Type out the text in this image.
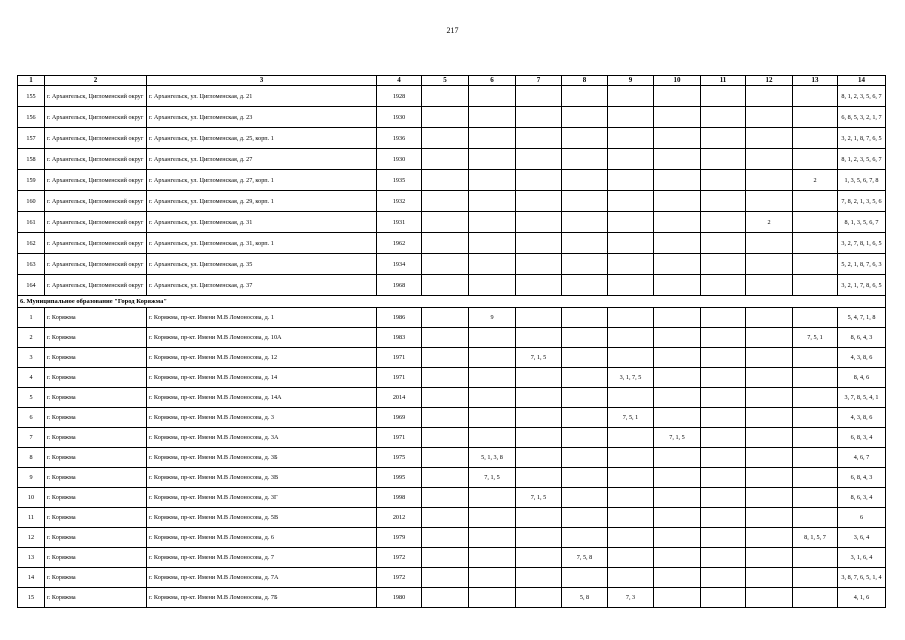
217
1	2	3	4	5	6	7	8	9	10	11	12	13	14
155	г. Архангельск, Цигломенский округ	г. Архангельск, ул. Цигломенская, д. 21	1928										8, 1, 2, 3, 5, 6, 7
156	г. Архангельск, Цигломенский округ	г. Архангельск, ул. Цигломенская, д. 23	1930										6, 8, 5, 3, 2, 1, 7
157	г. Архангельск, Цигломенский округ	г. Архангельск, ул. Цигломенская, д. 25, корп. 1	1936										3, 2, 1, 8, 7, 6, 5
158	г. Архангельск, Цигломенский округ	г. Архангельск, ул. Цигломенская, д. 27	1930										8, 1, 2, 3, 5, 6, 7
159	г. Архангельск, Цигломенский округ	г. Архангельск, ул. Цигломенская, д. 27, корп. 1	1935									2	1, 3, 5, 6, 7, 8
160	г. Архангельск, Цигломенский округ	г. Архангельск, ул. Цигломенская, д. 29, корп. 1	1932										7, 8, 2, 1, 3, 5, 6
161	г. Архангельск, Цигломенский округ	г. Архангельск, ул. Цигломенская, д. 31	1931								2		8, 1, 3, 5, 6, 7
162	г. Архангельск, Цигломенский округ	г. Архангельск, ул. Цигломенская, д. 31, корп. 1	1962										3, 2, 7, 8, 1, 6, 5
163	г. Архангельск, Цигломенский округ	г. Архангельск, ул. Цигломенская, д. 35	1934										5, 2, 1, 8, 7, 6, 3
164	г. Архангельск, Цигломенский округ	г. Архангельск, ул. Цигломенская, д. 37	1968										3, 2, 1, 7, 8, 6, 5
6. Муниципальное образование "Город Коряжма"													
1	г. Коряжма	г. Коряжма, пр-кт. Имени М.В Ломоносова, д. 1	1986		9								5, 4, 7, 1, 8
2	г. Коряжма	г. Коряжма, пр-кт. Имени М.В Ломоносова, д. 10А	1983									7, 5, 1	8, 6, 4, 3
3	г. Коряжма	г. Коряжма, пр-кт. Имени М.В Ломоносова, д. 12	1971			7, 1, 5							4, 3, 8, 6
4	г. Коряжма	г. Коряжма, пр-кт. Имени М.В Ломоносова, д. 14	1971					3, 1, 7, 5					8, 4, 6
5	г. Коряжма	г. Коряжма, пр-кт. Имени М.В Ломоносова, д. 14А	2014										3, 7, 8, 5, 4, 1
6	г. Коряжма	г. Коряжма, пр-кт. Имени М.В Ломоносова, д. 3	1969					7, 5, 1					4, 3, 8, 6
7	г. Коряжма	г. Коряжма, пр-кт. Имени М.В Ломоносова, д. 3А	1971						7, 1, 5				6, 8, 3, 4
8	г. Коряжма	г. Коряжма, пр-кт. Имени М.В Ломоносова, д. 3Б	1975		5, 1, 3, 8								4, 6, 7
9	г. Коряжма	г. Коряжма, пр-кт. Имени М.В Ломоносова, д. 3В	1995		7, 1, 5								6, 8, 4, 3
10	г. Коряжма	г. Коряжма, пр-кт. Имени М.В Ломоносова, д. 3Г	1998			7, 1, 5							8, 6, 3, 4
11	г. Коряжма	г. Коряжма, пр-кт. Имени М.В Ломоносова, д. 5В	2012										6
12	г. Коряжма	г. Коряжма, пр-кт. Имени М.В Ломоносова, д. 6	1979									8, 1, 5, 7	3, 6, 4
13	г. Коряжма	г. Коряжма, пр-кт. Имени М.В Ломоносова, д. 7	1972				7, 5, 8						3, 1, 6, 4
14	г. Коряжма	г. Коряжма, пр-кт. Имени М.В Ломоносова, д. 7А	1972										3, 8, 7, 6, 5, 1, 4
15	г. Коряжма	г. Коряжма, пр-кт. Имени М.В Ломоносова, д. 7Б	1980				5, 8	7, 3					4, 1, 6
